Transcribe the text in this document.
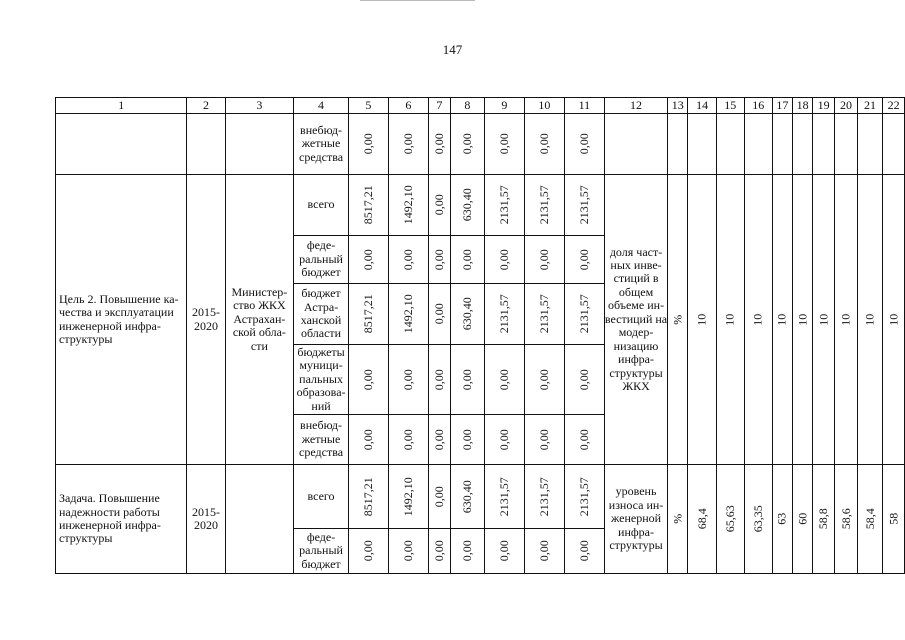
147
1	2	3	4	5	6	7	8	9	10	11	12	13	14	15	16	17	18	19	20	21	22
			внебюд-жетные средства	0,00	0,00	0,00	0,00	0,00	0,00	0,00											
Цель 2. Повышение ка-чества и эксплуатации инженерной инфра-структуры	2015-2020	Министер-ство ЖКХ Астрахан-ской обла-сти	всего	8517,21	1492,10	0,00	630,40	2131,57	2131,57	2131,57	доля част-ных инве-стиций в общем объеме ин-вестиций на модер-низацию инфра-структуры ЖКХ	%	10	10	10	10	10	10	10	10	10
			феде-ральный бюджет	0,00	0,00	0,00	0,00	0,00	0,00	0,00											
			бюджет Астра-ханской области	8517,21	1492,10	0,00	630,40	2131,57	2131,57	2131,57											
			бюджеты муници-пальных образова-ний	0,00	0,00	0,00	0,00	0,00	0,00	0,00											
			внебюд-жетные средства	0,00	0,00	0,00	0,00	0,00	0,00	0,00											
Задача. Повышение надежности работы инженерной инфра-структуры	2015-2020		всего	8517,21	1492,10	0,00	630,40	2131,57	2131,57	2131,57	уровень износа ин-женерной инфра-структуры	%	68,4	65,63	63,35	63	60	58,8	58,6	58,4	58
			феде-ральный бюджет	0,00	0,00	0,00	0,00	0,00	0,00	0,00											
